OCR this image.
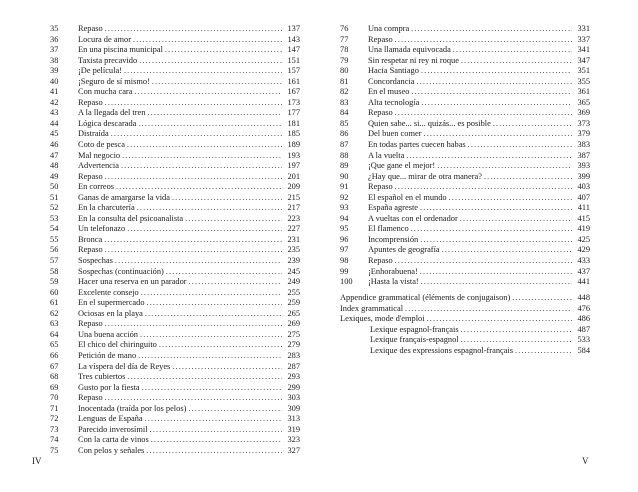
35	Repaso .....	137
36	Locura de amor .....	143
37	En una piscina municipal .....	147
38	Taxista precavido .....	151
39	¡De película! .....	157
40	¡Seguro de sí mismo! .....	161
41	Con mucha cara .....	167
42	Repaso .....	173
43	A la llegada del tren .....	177
44	Lógica descarada .....	181
45	Distraída .....	185
46	Coto de pesca .....	189
47	Mal negocio .....	193
48	Advertencia .....	197
49	Repaso .....	201
50	En correos .....	209
51	Ganas de amargarse la vida .....	215
52	En la charcutería .....	217
53	En la consulta del psicoanalista .....	223
54	Un telefonazo .....	227
55	Bronca .....	231
56	Repaso .....	235
57	Sospechas .....	239
58	Sospechas (continuación) .....	245
59	Hacer una reserva en un parador .....	249
60	Excelente consejo .....	255
61	En el supermercado .....	259
62	Ociosas en la playa .....	265
63	Repaso .....	269
64	Una buena acción .....	275
65	El chico del chiringuito .....	279
66	Petición de mano .....	283
67	La víspera del día de Reyes .....	287
68	Tres cubiertos .....	293
69	Gusto por la fiesta .....	299
70	Repaso .....	303
71	Inocentada (traída por los pelos) .....	309
72	Lenguas de España .....	313
73	Parecido inverosímil .....	319
74	Con la carta de vinos .....	323
75	Con pelos y señales .....	327
76	Una compra .....	331
77	Repaso .....	337
78	Una llamada equivocada .....	341
79	Sin respetar ni rey ni roque .....	347
80	Hacia Santiago .....	351
81	Concordancia .....	355
82	En el museo .....	361
83	Alta tecnología .....	365
84	Repaso .....	369
85	Quien sabe... si... quizás... es posible .....	373
86	Del buen comer .....	379
87	En todas partes cuecen habas .....	383
88	A la vuelta .....	387
89	¡Que gane el mejor! .....	393
90	¿Hay que... mirar de otra manera? .....	399
91	Repaso .....	403
92	El español en el mundo .....	407
93	España agreste .....	411
94	A vueltas con el ordenador .....	415
95	El flamenco .....	419
96	Incomprensión .....	425
97	Apuntes de geografía .....	429
98	Repaso .....	433
99	¡Enhorabuena! .....	437
100	¡Hasta la vista! .....	441
Appendice grammatical (éléments de conjugaison) .....	448
Index grammatical .....	476
Lexiques, mode d'emploi .....	486
Lexique espagnol-français .....	487
Lexique français-espagnol .....	533
Lexique des expressions espagnol-français .....	584
IV	V
